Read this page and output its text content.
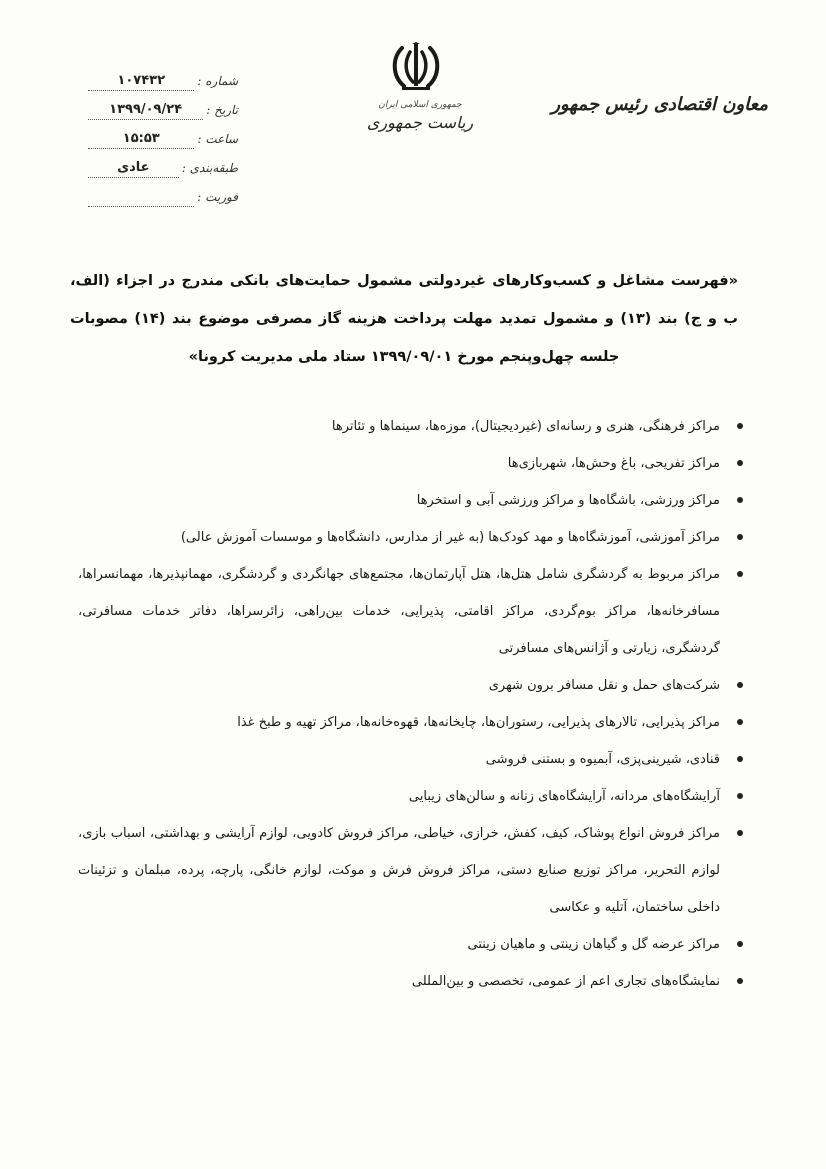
جمهوری اسلامی ایران
ریاست جمهوری
معاون اقتصادی رئیس جمهور
شماره :
۱۰۷۴۳۲
تاریخ :
۱۳۹۹/۰۹/۲۴
ساعت :
۱۵:۵۳
طبقه‌بندی :
عادی
فوریت :
«فهرست مشاغل و کسب‌وکارهای غیردولتی مشمول حمایت‌های بانکی مندرج در اجزاء (الف، ب و ج) بند (۱۳) و مشمول تمدید مهلت پرداخت هزینه گاز مصرفی موضوع بند (۱۴) مصوبات جلسه چهل‌وپنجم مورخ ۱۳۹۹/۰۹/۰۱ ستاد ملی مدیریت کرونا»
مراکز فرهنگی، هنری و رسانه‌ای (غیردیجیتال)، موزه‌ها، سینماها و تئاترها
مراکز تفریحی، باغ وحش‌ها، شهربازی‌ها
مراکز ورزشی، باشگاه‌ها و مراکز ورزشی آبی و استخرها
مراکز آموزشی، آموزشگاه‌ها و مهد کودک‌ها (به غیر از مدارس، دانشگاه‌ها و موسسات آموزش عالی)
مراکز مربوط به گردشگری شامل هتل‌ها، هتل آپارتمان‌ها، مجتمع‌های جهانگردی و گردشگری، مهمانپذیرها، مهمانسراها، مسافرخانه‌ها، مراکز بوم‌گردی، مراکز اقامتی، پذیرایی، خدمات بین‌راهی، زائرسراها، دفاتر خدمات مسافرتی، گردشگری، زیارتی و آژانس‌های مسافرتی
شرکت‌های حمل و نقل مسافر برون شهری
مراکز پذیرایی، تالارهای پذیرایی، رستوران‌ها، چایخانه‌ها، قهوه‌خانه‌ها، مراکز تهیه و طبخ غذا
قنادی، شیرینی‌پزی، آبمیوه و بستنی فروشی
آرایشگاه‌های مردانه، آرایشگاه‌های زنانه و سالن‌های زیبایی
مراکز فروش انواع پوشاک، کیف، کفش، خرازی، خیاطی، مراکز فروش کادویی، لوازم آرایشی و بهداشتی، اسباب بازی، لوازم التحریر، مراکز توزیع صنایع دستی، مراکز فروش فرش و موکت، لوازم خانگی، پارچه، پرده، مبلمان و تزئینات داخلی ساختمان، آتلیه و عکاسی
مراکز عرضه گل و گیاهان زینتی و ماهیان زینتی
نمایشگاه‌های تجاری اعم از عمومی، تخصصی و بین‌المللی
